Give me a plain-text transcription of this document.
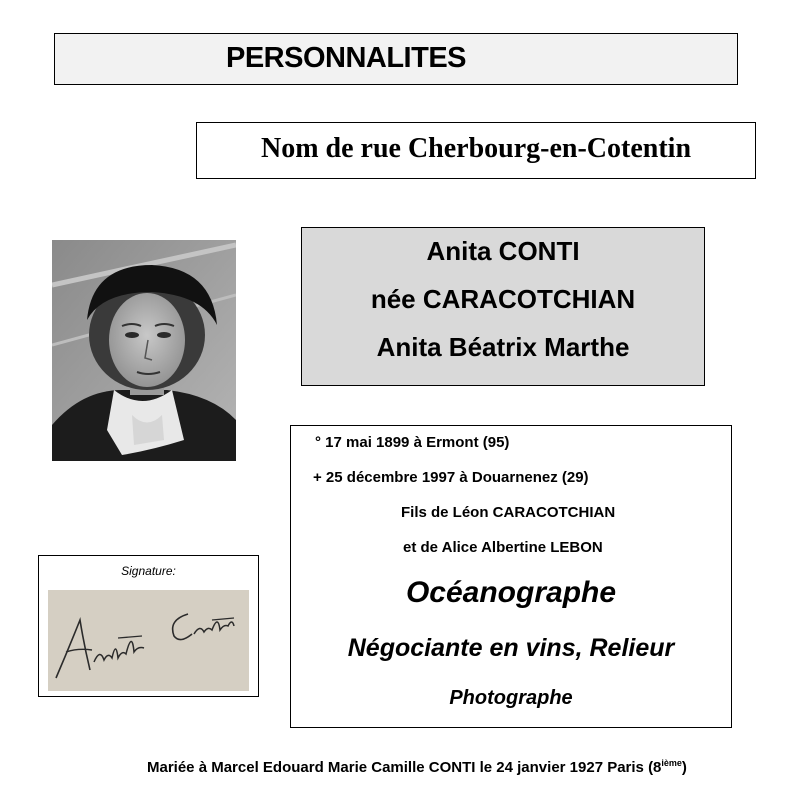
PERSONNALITES
Nom de rue Cherbourg-en-Cotentin
Anita CONTI
née CARACOTCHIAN
Anita Béatrix Marthe
° 17 mai 1899 à Ermont (95)
+ 25 décembre 1997 à Douarnenez (29)
Fils de Léon CARACOTCHIAN
et de Alice Albertine LEBON
Océanographe
Négociante en vins, Relieur
Photographe
Signature:
Mariée à Marcel Edouard Marie Camille CONTI le 24 janvier 1927 Paris (8ième)
